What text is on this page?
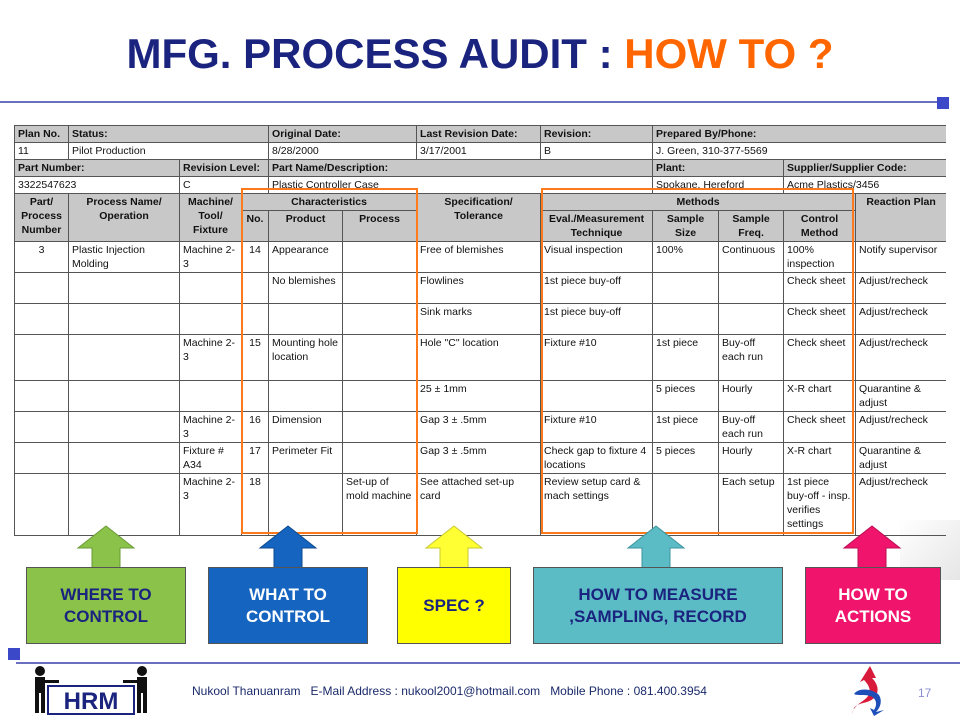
MFG. PROCESS AUDIT : HOW TO ?
Plan No.	Status:			Original Date:		Last Revision Date:	Revision:	Prepared By/Phone:			
11	Pilot Production			8/28/2000		3/17/2001	B	J. Green, 310-377-5569			
Part Number:		Revision Level:		Part Name/Description:				Plant:		Supplier/Supplier Code:	
3322547623		C		Plastic Controller Case				Spokane, Hereford		Acme Plastics/3456	
Part/ Process Number	Process Name/ Operation	Machine/ Tool/ Fixture	Characteristics			Specification/ Tolerance	Methods				Reaction Plan
			No.	Product	Process		Eval./Measurement Technique	Sample Size	Sample Freq.	Control Method	
3	Plastic Injection Molding	Machine 2-3	14	Appearance		Free of blemishes	Visual inspection	100%	Continuous	100% inspection	Notify supervisor
				No blemishes		Flowlines	1st piece buy-off			Check sheet	Adjust/recheck
						Sink marks	1st piece buy-off			Check sheet	Adjust/recheck
		Machine 2-3	15	Mounting hole location		Hole "C" location	Fixture #10	1st piece	Buy-off each run	Check sheet	Adjust/recheck
						25 ± 1mm		5 pieces	Hourly	X-R chart	Quarantine & adjust
		Machine 2-3	16	Dimension		Gap 3 ± .5mm	Fixture #10	1st piece	Buy-off each run	Check sheet	Adjust/recheck
		Fixture # A34	17	Perimeter Fit		Gap 3 ± .5mm	Check gap to fixture 4 locations	5 pieces	Hourly	X-R chart	Quarantine & adjust
		Machine 2-3	18		Set-up of mold machine	See attached set-up card	Review setup card & mach settings		Each setup	1st piece buy-off - insp. verifies settings	Adjust/recheck
WHERE TO
CONTROL
WHAT TO
CONTROL
SPEC ?
HOW TO MEASURE
,SAMPLING, RECORD
HOW TO
ACTIONS
HRM	Nukool Thanuanram E-Mail Address : nukool2001@hotmail.com Mobile Phone : 081.400.3954	17
